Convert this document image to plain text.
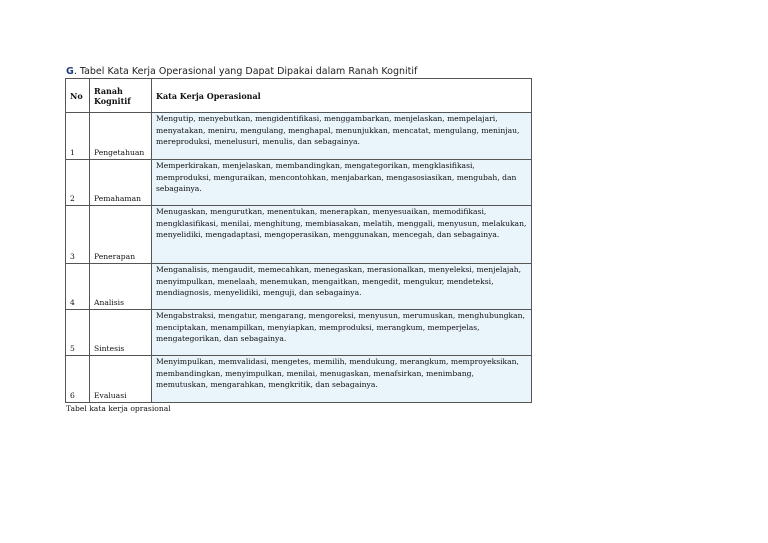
G. Tabel Kata Kerja Operasional yang Dapat Dipakai dalam Ranah Kognitif
No	Ranah Kognitif	Kata Kerja Operasional
1	Pengetahuan	Mengutip, menyebutkan, mengidentifikasi, menggambarkan, menjelaskan, mempelajari, menyatakan, meniru, mengulang, menghapal, menunjukkan, mencatat, mengulang, meninjau, mereproduksi, menelusuri, menulis, dan sebagainya.
2	Pemahaman	Memperkirakan, menjelaskan, membandingkan, mengategorikan, mengklasifikasi, memproduksi, menguraikan, mencontohkan, menjabarkan, mengasosiasikan, mengubah, dan sebagainya.
3	Penerapan	Menugaskan, mengurutkan, menentukan, menerapkan, menyesuaikan, memodifikasi, mengklasifikasi, menilai, menghitung, membiasakan, melatih, menggali, menyusun, melakukan, menyelidiki, mengadaptasi, mengoperasikan, menggunakan, mencegah, dan sebagainya.
4	Analisis	Menganalisis, mengaudit, memecahkan, menegaskan, merasionalkan, menyeleksi, menjelajah, menyimpulkan, menelaah, menemukan, mengaitkan, mengedit, mengukur, mendeteksi, mendiagnosis, menyelidiki, menguji, dan sebagainya.
5	Sintesis	Mengabstraksi, mengatur, mengarang, mengoreksi, menyusun, merumuskan, menghubungkan, menciptakan, menampilkan, menyiapkan, memproduksi, merangkum, memperjelas, mengategorikan, dan sebagainya.
6	Evaluasi	Menyimpulkan, memvalidasi, mengetes, memilih, mendukung, merangkum, memproyeksikan, membandingkan, menyimpulkan, menilai, menugaskan, menafsirkan, menimbang, memutuskan, mengarahkan, mengkritik, dan sebagainya.
Tabel kata kerja oprasional
